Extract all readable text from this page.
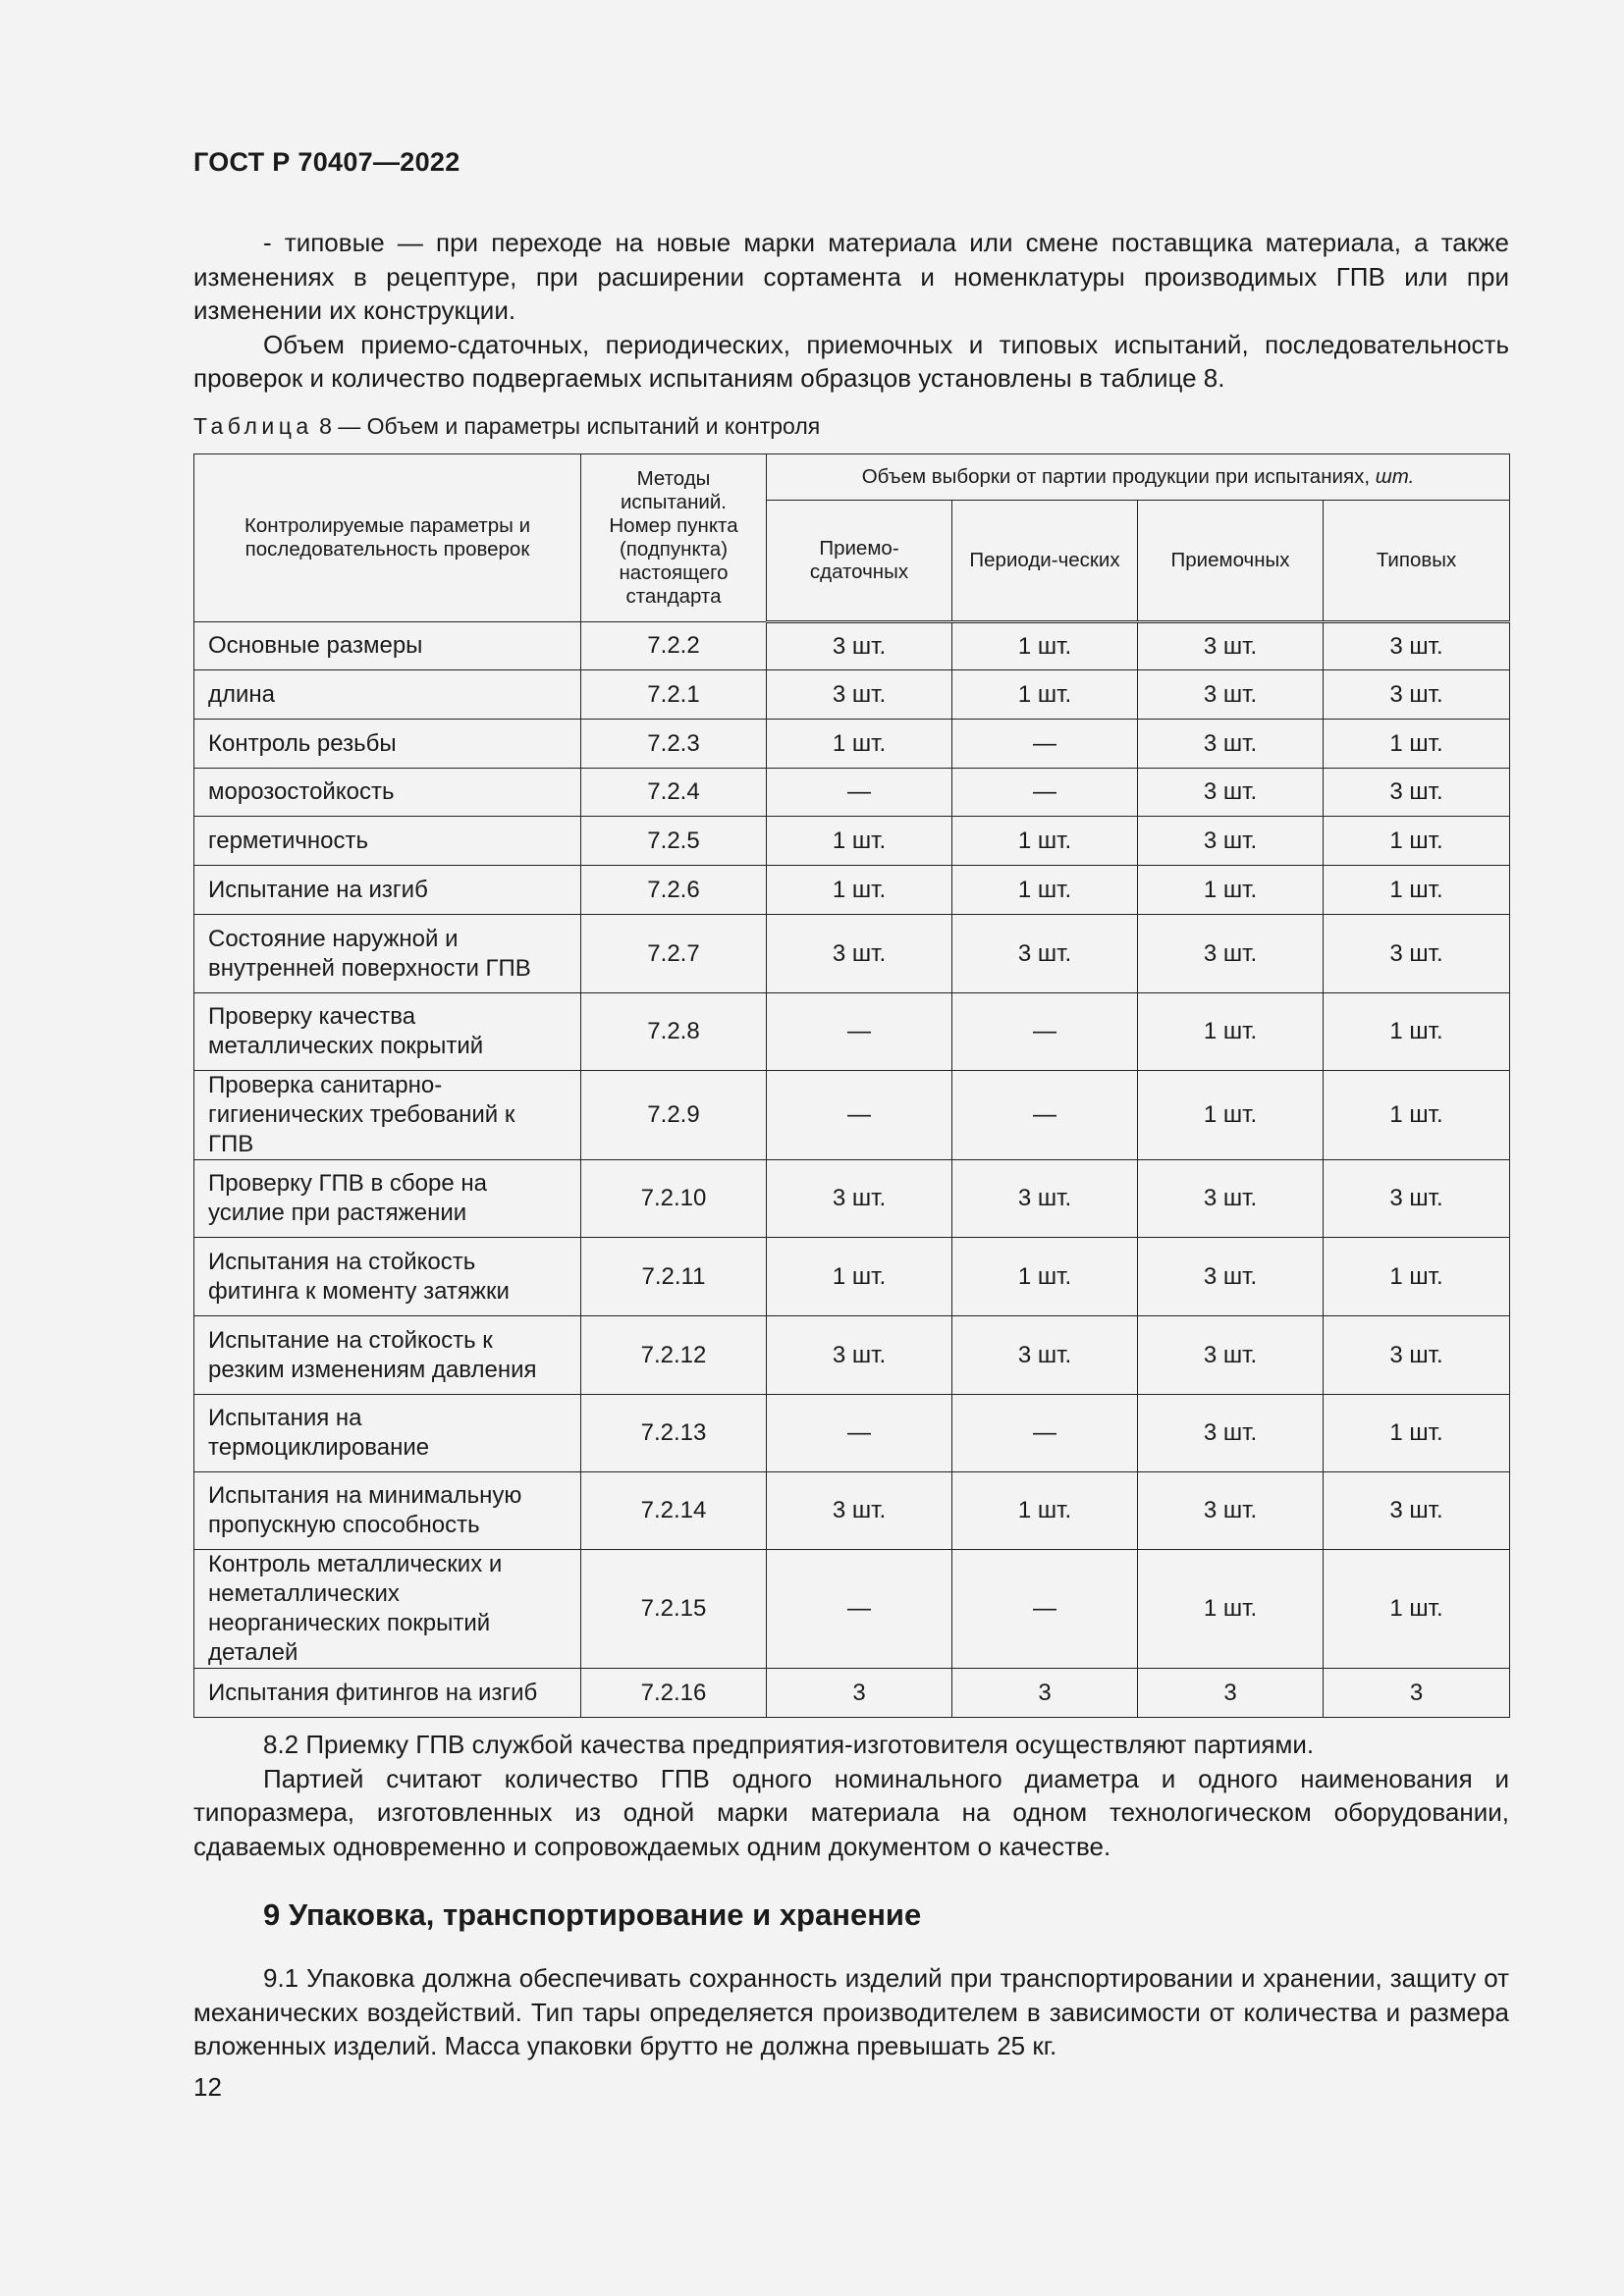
ГОСТ Р 70407—2022

- типовые — при переходе на новые марки материала или смене поставщика материала, а также изменениях в рецептуре, при расширении сортамента и номенклатуры производимых ГПВ или при изменении их конструкции.

Объем приемо-сдаточных, периодических, приемочных и типовых испытаний, последовательность проверок и количество подвергаемых испытаниям образцов установлены в таблице 8.

Таблица 8 — Объем и параметры испытаний и контроля
Контролируемые параметры и последовательность проверок	Методы испытаний. Номер пункта (подпункта) настоящего стандарта	Объем выборки от партии продукции при испытаниях, шт.			
		Приемо-сдаточных	Периоди-ческих	Приемочных	Типовых
Основные размеры	7.2.2	3 шт.	1 шт.	3 шт.	3 шт.
длина	7.2.1	3 шт.	1 шт.	3 шт.	3 шт.
Контроль резьбы	7.2.3	1 шт.	—	3 шт.	1 шт.
морозостойкость	7.2.4	—	—	3 шт.	3 шт.
герметичность	7.2.5	1 шт.	1 шт.	3 шт.	1 шт.
Испытание на изгиб	7.2.6	1 шт.	1 шт.	1 шт.	1 шт.
Состояние наружной и внутренней поверхности ГПВ	7.2.7	3 шт.	3 шт.	3 шт.	3 шт.
Проверку качества металлических покрытий	7.2.8	—	—	1 шт.	1 шт.
Проверка санитарно-гигиенических требований к ГПВ	7.2.9	—	—	1 шт.	1 шт.
Проверку ГПВ в сборе на усилие при растяжении	7.2.10	3 шт.	3 шт.	3 шт.	3 шт.
Испытания на стойкость фитинга к моменту затяжки	7.2.11	1 шт.	1 шт.	3 шт.	1 шт.
Испытание на стойкость к резким изменениям давления	7.2.12	3 шт.	3 шт.	3 шт.	3 шт.
Испытания на термоциклирование	7.2.13	—	—	3 шт.	1 шт.
Испытания на минимальную пропускную способность	7.2.14	3 шт.	1 шт.	3 шт.	3 шт.
Контроль металлических и неметаллических неорганических покрытий деталей	7.2.15	—	—	1 шт.	1 шт.
Испытания фитингов на изгиб	7.2.16	3	3	3	3

8.2 Приемку ГПВ службой качества предприятия-изготовителя осуществляют партиями.

Партией считают количество ГПВ одного номинального диаметра и одного наименования и типоразмера, изготовленных из одной марки материала на одном технологическом оборудовании, сдаваемых одновременно и сопровождаемых одним документом о качестве.

9 Упаковка, транспортирование и хранение

9.1 Упаковка должна обеспечивать сохранность изделий при транспортировании и хранении, защиту от механических воздействий. Тип тары определяется производителем в зависимости от количества и размера вложенных изделий. Масса упаковки брутто не должна превышать 25 кг.

12
